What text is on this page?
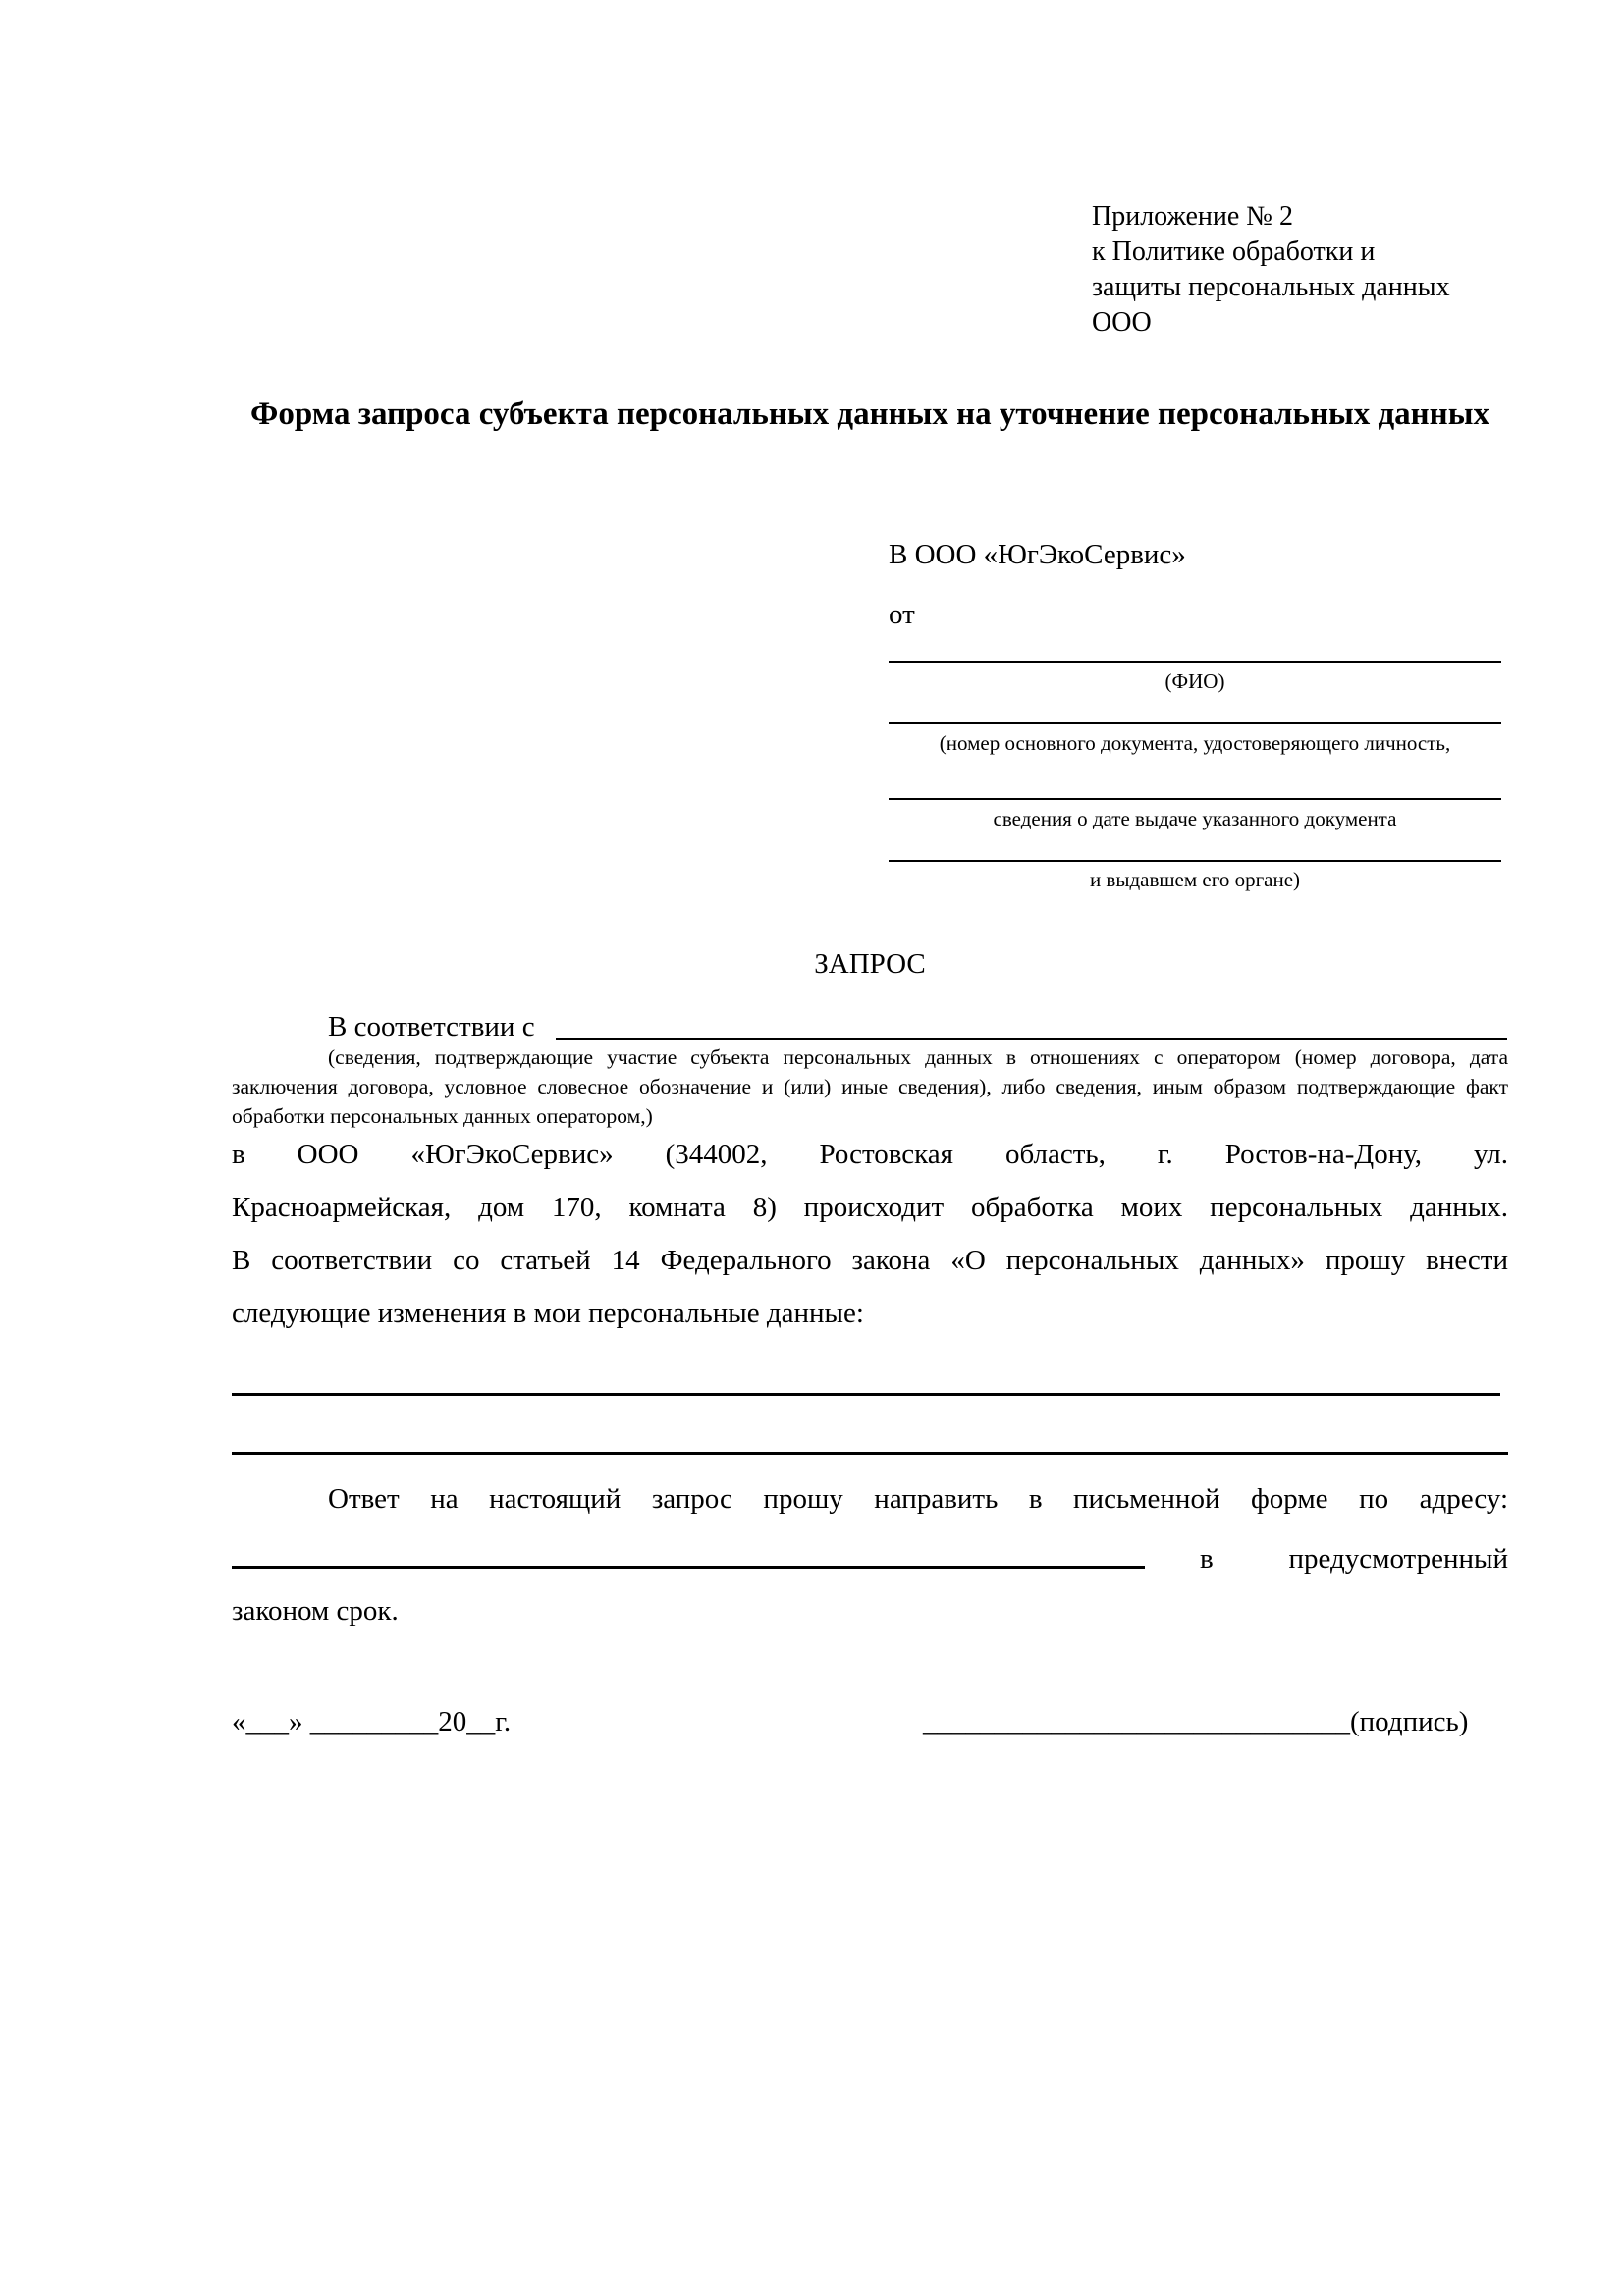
Приложение № 2
к Политике обработки и
защиты персональных данных
ООО
Форма запроса субъекта персональных данных на уточнение персональных данных
В ООО «ЮгЭкоСервис»
от
(ФИО)
(номер основного документа, удостоверяющего личность,
сведения о дате выдаче указанного документа
и выдавшем его органе)
ЗАПРОС
В соответствии с
(сведения, подтверждающие участие субъекта персональных данных в отношениях с оператором (номер договора, дата
заключения договора, условное словесное обозначение и (или) иные сведения), либо сведения, иным образом подтверждающие факт
обработки персональных данных оператором,)
в ООО «ЮгЭкоСервис» (344002, Ростовская область, г. Ростов-на-Дону, ул.
Красноармейская, дом 170, комната 8) происходит обработка моих персональных данных.
В соответствии со статьей 14 Федерального закона «О персональных данных» прошу внести
следующие изменения в мои персональные данные:
Ответ на настоящий запрос прошу направить в письменной форме по адресу:
в	предусмотренный
законом срок.
«___» _________20__г.	______________________________(подпись)
